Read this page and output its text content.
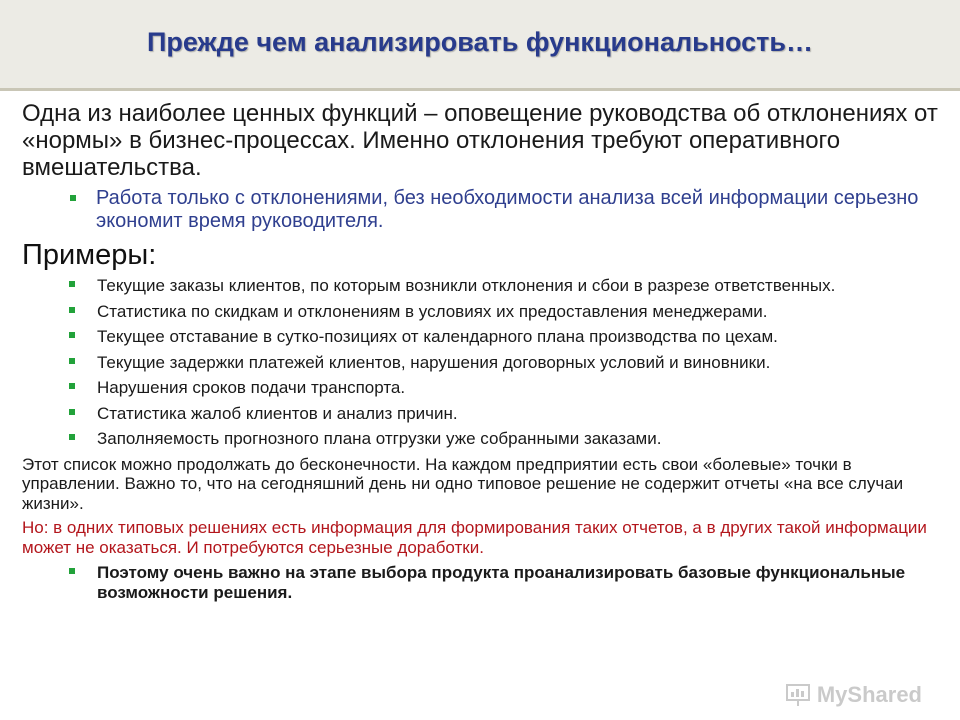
Прежде чем анализировать функциональность…

Одна из наиболее ценных функций – оповещение руководства об отклонениях от «нормы» в бизнес-процессах. Именно отклонения требуют оперативного вмешательства.

Работа только с отклонениями, без необходимости анализа всей информации серьезно экономит время руководителя.
Примеры:
Текущие заказы клиентов, по которым возникли отклонения и сбои в разрезе ответственных.
Статистика по скидкам и отклонениям в условиях их предоставления менеджерами.
Текущее отставание в сутко-позициях от календарного плана производства по цехам.
Текущие задержки платежей клиентов, нарушения договорных условий и виновники.
Нарушения сроков подачи транспорта.
Статистика жалоб клиентов и анализ причин.
Заполняемость прогнозного плана отгрузки уже собранными заказами.

Этот список можно продолжать до бесконечности. На каждом предприятии есть свои «болевые» точки в управлении. Важно то, что на сегодняшний день ни одно типовое решение не содержит отчеты «на все случаи жизни».

Но: в одних типовых решениях есть информация для формирования таких отчетов, а в других такой информации может не оказаться. И потребуются серьезные доработки.

Поэтому очень важно на этапе выбора продукта проанализировать базовые функциональные возможности решения.
MyShared
